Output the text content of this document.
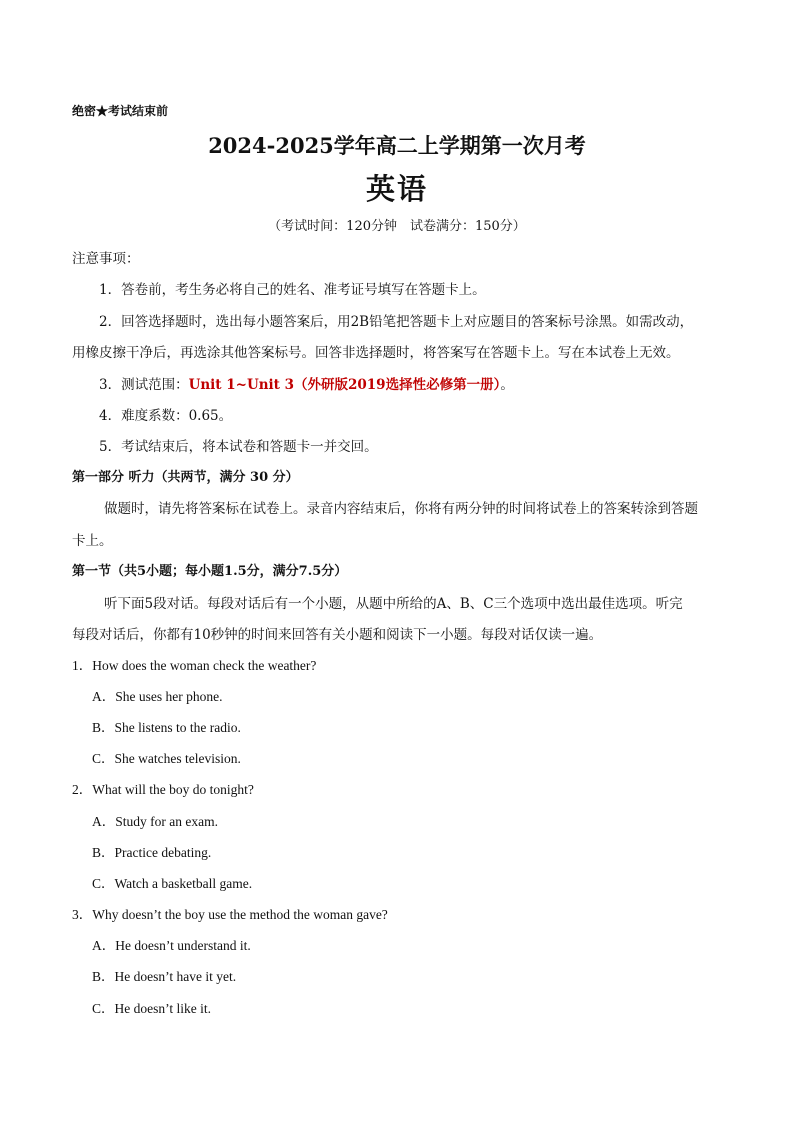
绝密★考试结束前
2024-2025学年高二上学期第一次月考
英语
（考试时间：120分钟　试卷满分：150分）
注意事项：
1．答卷前，考生务必将自己的姓名、准考证号填写在答题卡上。
2．回答选择题时，选出每小题答案后，用2B铅笔把答题卡上对应题目的答案标号涂黑。如需改动，
用橡皮擦干净后，再选涂其他答案标号。回答非选择题时，将答案写在答题卡上。写在本试卷上无效。
3．测试范围：Unit 1~Unit 3（外研版2019选择性必修第一册）。
4．难度系数：0.65。
5．考试结束后，将本试卷和答题卡一并交回。
第一部分 听力（共两节，满分 30 分）
做题时，请先将答案标在试卷上。录音内容结束后，你将有两分钟的时间将试卷上的答案转涂到答题
卡上。
第一节（共5小题；每小题1.5分，满分7.5分）
听下面5段对话。每段对话后有一个小题，从题中所给的A、B、C三个选项中选出最佳选项。听完
每段对话后，你都有10秒钟的时间来回答有关小题和阅读下一小题。每段对话仅读一遍。
1．How does the woman check the weather?
A．She uses her phone.
B．She listens to the radio.
C．She watches television.
2．What will the boy do tonight?
A．Study for an exam.
B．Practice debating.
C．Watch a basketball game.
3．Why doesn’t the boy use the method the woman gave?
A．He doesn’t understand it.
B．He doesn’t have it yet.
C．He doesn’t like it.
